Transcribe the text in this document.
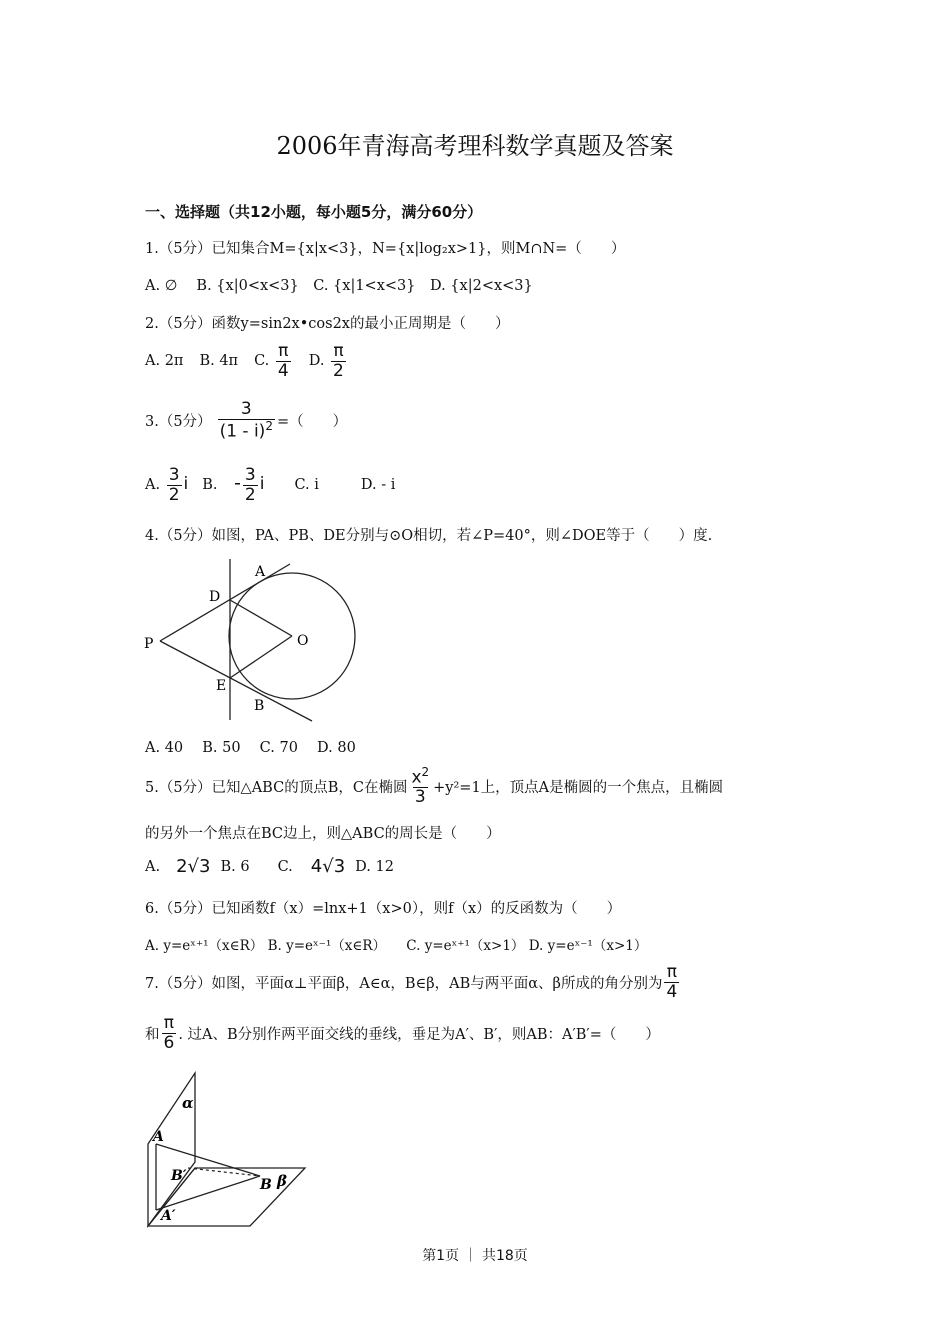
2006年青海高考理科数学真题及答案
一、选择题（共12小题，每小题5分，满分60分）
1.（5分）已知集合M={x|x<3}，N={x|log₂x>1}，则M∩N=（　　）
A. ∅　 B. {x|0<x<3}　C. {x|1<x<3}　D. {x|2<x<3}
2.（5分）函数y=sin2x•cos2x的最小正周期是（　　）
A. 2π B. 4π C. $\frac{\pi}{4} D$. $\frac{\pi}{2}$
3.（5分） $\frac{3}{(1 - i)^2}$ =（　　）
A. $\frac{3}{2}$ i B. - $\frac{3}{2}$ i C. i	D. - i
4.（5分）如图，PA、PB、DE分别与⊙O相切，若∠P=40°，则∠DOE等于（　　）度.
A
D
P	O
E
B
A. 40　 B. 50　 C. 70　 D. 80
5.（5分）已知△ABC的顶点B，C在椭圆 $\frac{x^2}{3} +y^2=1$上，顶点A是椭圆的一个焦点，且椭圆
的另外一个焦点在BC边上，则△ABC的周长是（　　）
A. 2√3 B. 6 C. 4√3 D. 12
6.（5分）已知函数f（x）=lnx+1（x>0），则f（x）的反函数为（　　）
A. y=eˣ⁺¹（x∈R） B. y=eˣ⁻¹（x∈R）　　C. y=eˣ⁺¹（x>1） D. y=eˣ⁻¹（x>1）
7.（5分）如图，平面α⊥平面β，A∈α，B∈β，AB与两平面α、β所成的角分别为 $\frac{\pi}{4}$
和 $\frac{\pi}{6}$ . 过A、B分别作两平面交线的垂线，垂足为A′、B′，则AB：A′B′=（　　）
α
A
B′
B β
A′
第1页 ｜ 共18页
